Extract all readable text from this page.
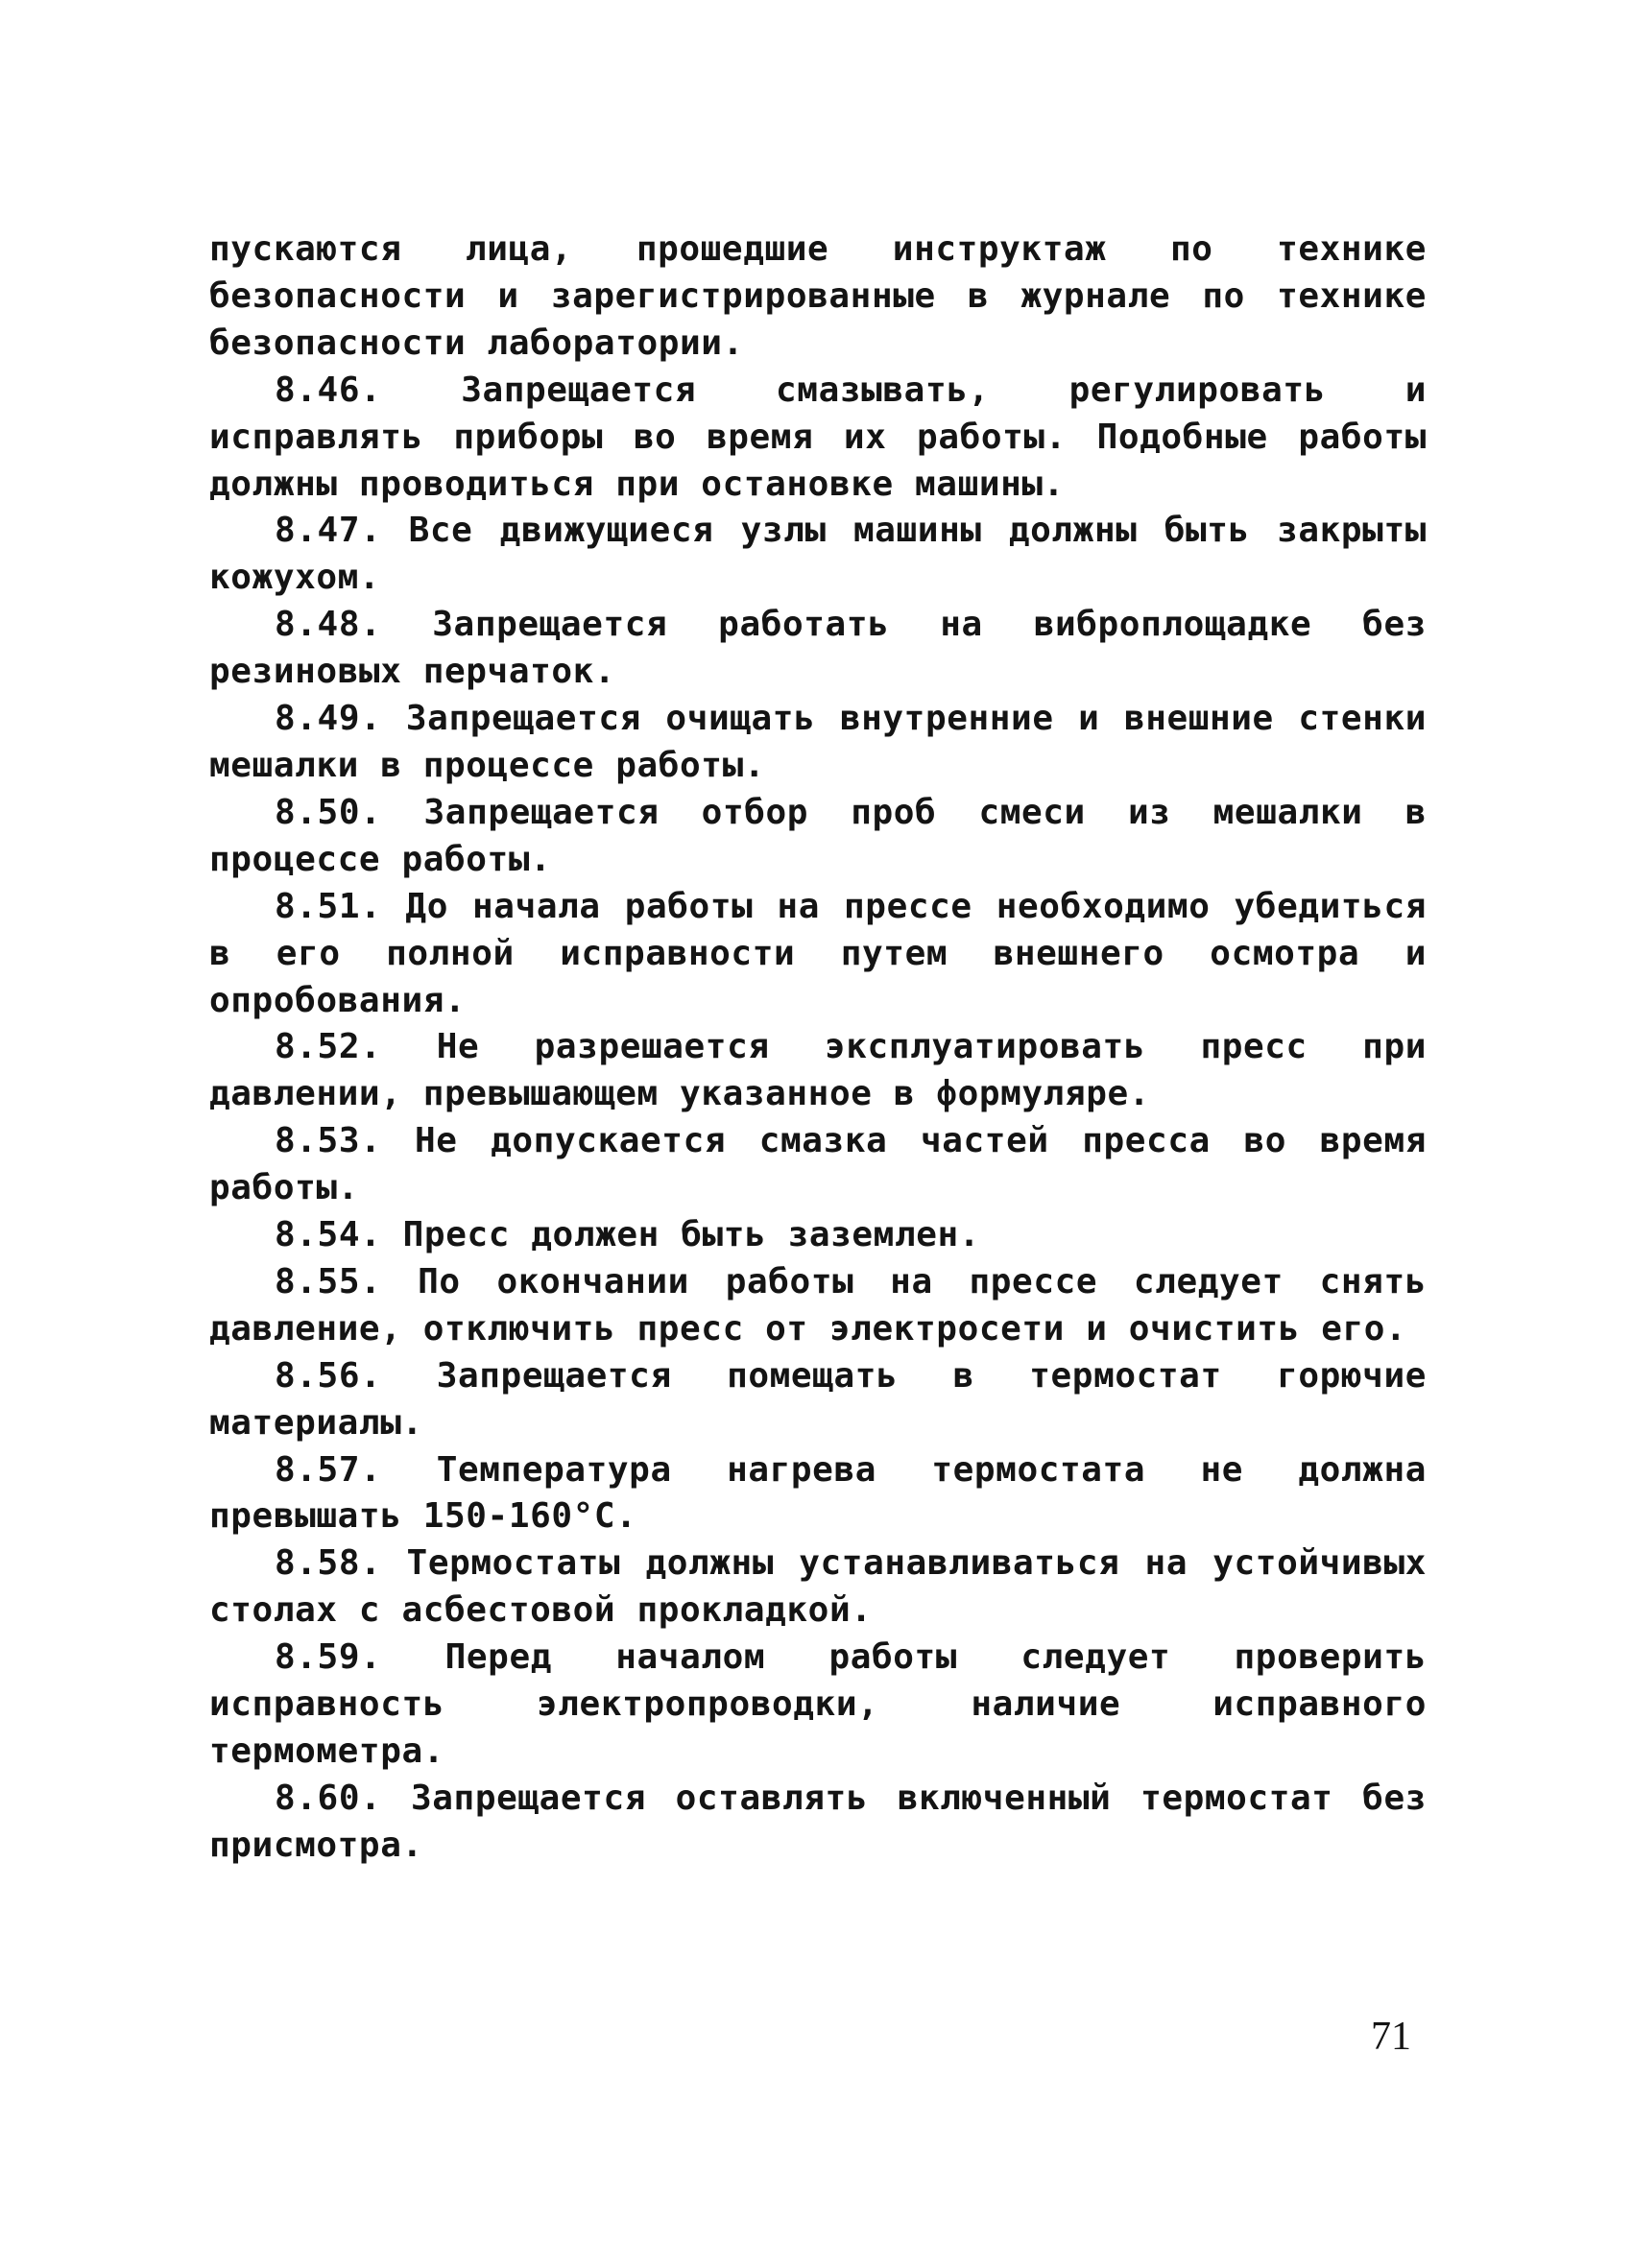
пускаются лица, прошедшие инструктаж по технике безопасности и зарегистрированные в журнале по технике безопасности лаборатории.

8.46. Запрещается смазывать, регулировать и исправлять приборы во время их работы. Подобные работы должны проводиться при остановке машины.

8.47. Все движущиеся узлы машины должны быть закрыты кожухом.

8.48. Запрещается работать на виброплощадке без резиновых перчаток.

8.49. Запрещается очищать внутренние и внешние стенки мешалки в процессе работы.

8.50. Запрещается отбор проб смеси из мешалки в процессе работы.

8.51. До начала работы на прессе необходимо убедиться в его полной исправности путем внешнего осмотра и опробования.

8.52. Не разрешается эксплуатировать пресс при давлении, превышающем указанное в формуляре.

8.53. Не допускается смазка частей пресса во время работы.

8.54. Пресс должен быть заземлен.

8.55. По окончании работы на прессе следует снять давление, отключить пресс от электросети и очистить его.

8.56. Запрещается помещать в термостат горючие материалы.

8.57. Температура нагрева термостата не должна превышать 150-160°С.

8.58. Термостаты должны устанавливаться на устойчивых столах с асбестовой прокладкой.

8.59. Перед началом работы следует проверить исправность электропроводки, наличие исправного термометра.

8.60. Запрещается оставлять включенный термостат без присмотра.

71
